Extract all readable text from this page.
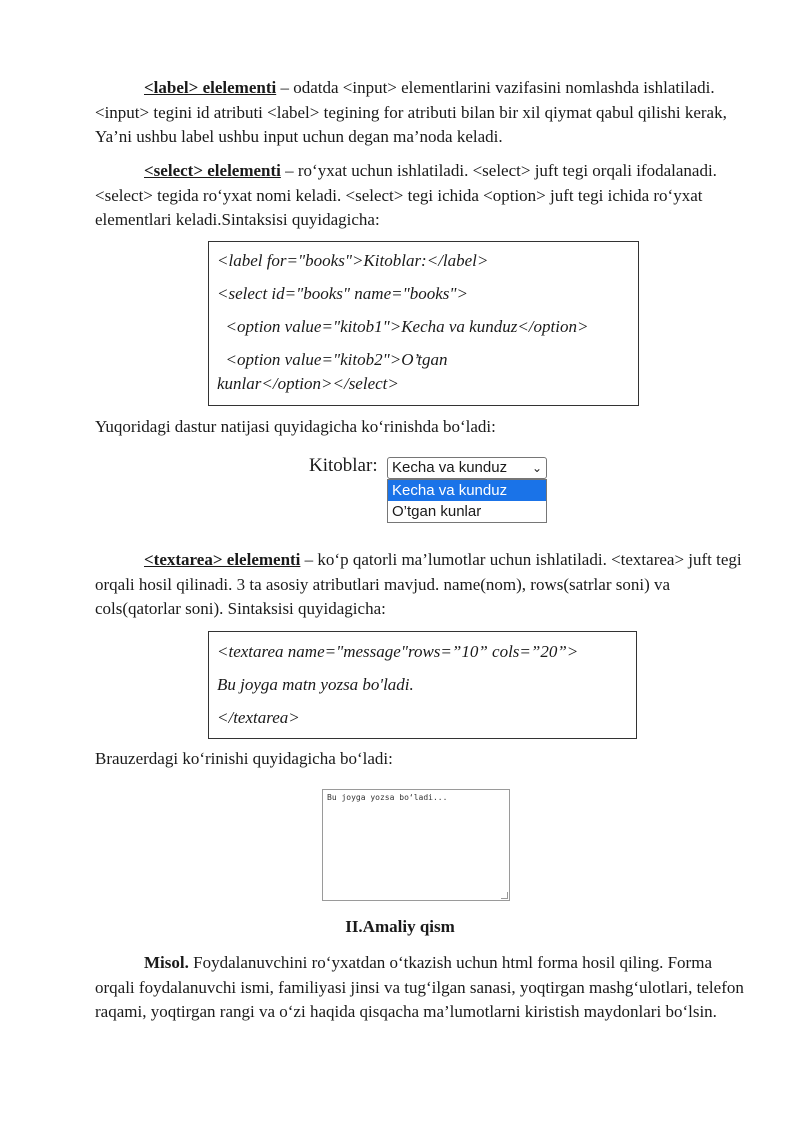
<label> elelementi – odatda <input> elementlarini vazifasini nomlashda ishlatiladi.<input> tegini id atributi <label> tegining for atributi bilan bir xil qiymat qabul qilishi kerak, Ya’ni ushbu label ushbu input uchun degan ma’noda keladi.

<select> elelementi – ro‘yxat uchun ishlatiladi. <select> juft tegi orqali ifodalanadi. <select> tegida ro‘yxat nomi keladi. <select> tegi ichida <option> juft tegi ichida ro‘yxat elementlari keladi.Sintaksisi quyidagicha:

<label for="books">Kitoblar:</label>
<select id="books" name="books">
<option value="kitob1">Kecha va kunduz</option>
<option value="kitob2">O’tgan
kunlar</option></select>

Yuqoridagi dastur natijasi quyidagicha ko‘rinishda bo‘ladi:

Kitoblar: Kecha va kunduz ⌄
Kecha va kunduz
O’tgan kunlar

<textarea> elelementi – ko‘p qatorli ma’lumotlar uchun ishlatiladi. <textarea> juft tegi orqali hosil qilinadi. 3 ta asosiy atributlari mavjud. name(nom), rows(satrlar soni) va cols(qatorlar soni). Sintaksisi quyidagicha:

<textarea name="message"rows=”10” cols=”20”>
Bu joyga matn yozsa bo'ladi.
</textarea>

Brauzerdagi ko‘rinishi quyidagicha bo‘ladi:

Bu joyga yozsa bo‘ladi...
II.Amaliy qism

Misol. Foydalanuvchini ro‘yxatdan o‘tkazish uchun html forma hosil qiling. Forma orqali foydalanuvchi ismi, familiyasi jinsi va tug‘ilgan sanasi, yoqtirgan mashg‘ulotlari, telefon raqami, yoqtirgan rangi va o‘zi haqida qisqacha ma’lumotlarni kiristish maydonlari bo‘lsin.
